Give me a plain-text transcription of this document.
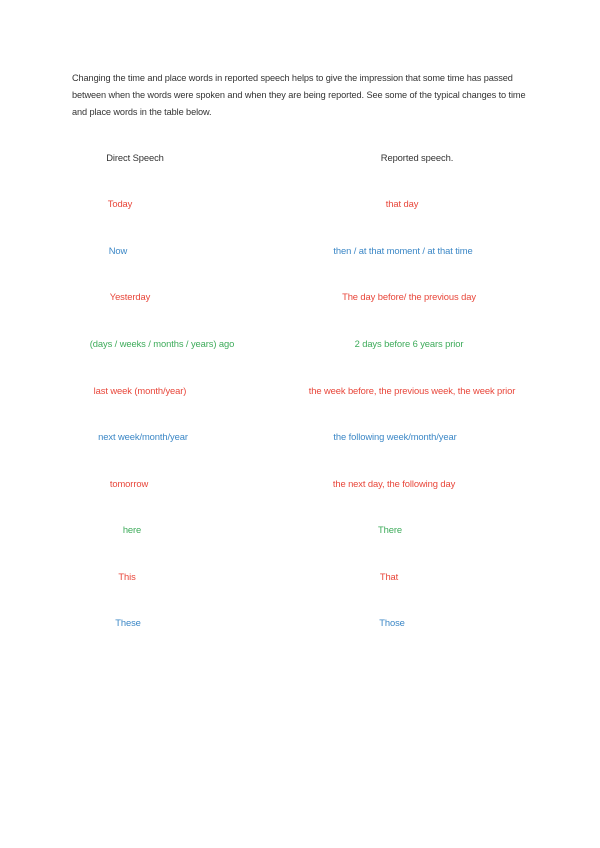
Changing the time and place words in reported speech helps to give the impression that some time has passed between when the words were spoken and when they are being reported. See some of the typical changes to time and place words in the table below.
Direct Speech	Reported speech.
Today	that day
Now	then / at that moment / at that time
Yesterday	The day before/ the previous day
(days / weeks / months / years) ago	2 days before 6 years prior
last week (month/year)	the week before, the previous week, the week prior
next week/month/year	the following week/month/year
tomorrow	the next day, the following day
here	There
This	That
These	Those
